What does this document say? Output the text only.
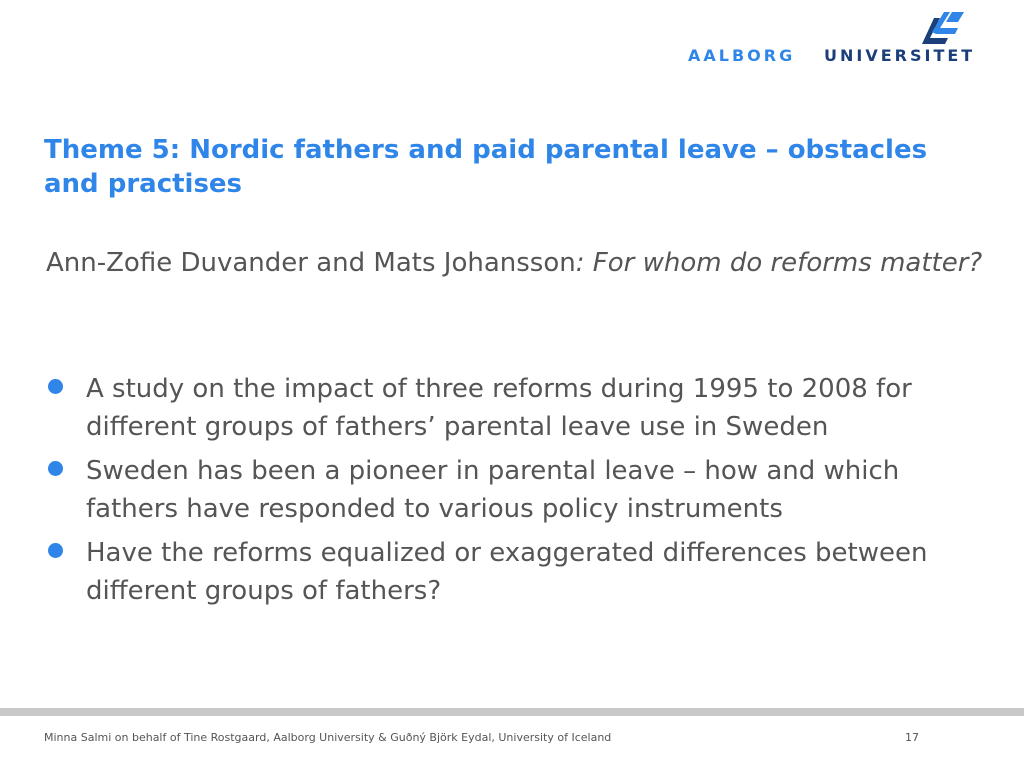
AALBORG UNIVERSITET
Theme 5: Nordic fathers and paid parental leave – obstacles and practises
Ann-Zofie Duvander and Mats Johansson: For whom do reforms matter?
A study on the impact of three reforms during 1995 to 2008 for different groups of fathers’ parental leave use in Sweden
Sweden has been a pioneer in parental leave – how and which fathers have responded to various policy instruments
Have the reforms equalized or exaggerated differences between different groups of fathers?
Minna Salmi on behalf of Tine Rostgaard, Aalborg University & Guðný Björk Eydal, University of Iceland	17
